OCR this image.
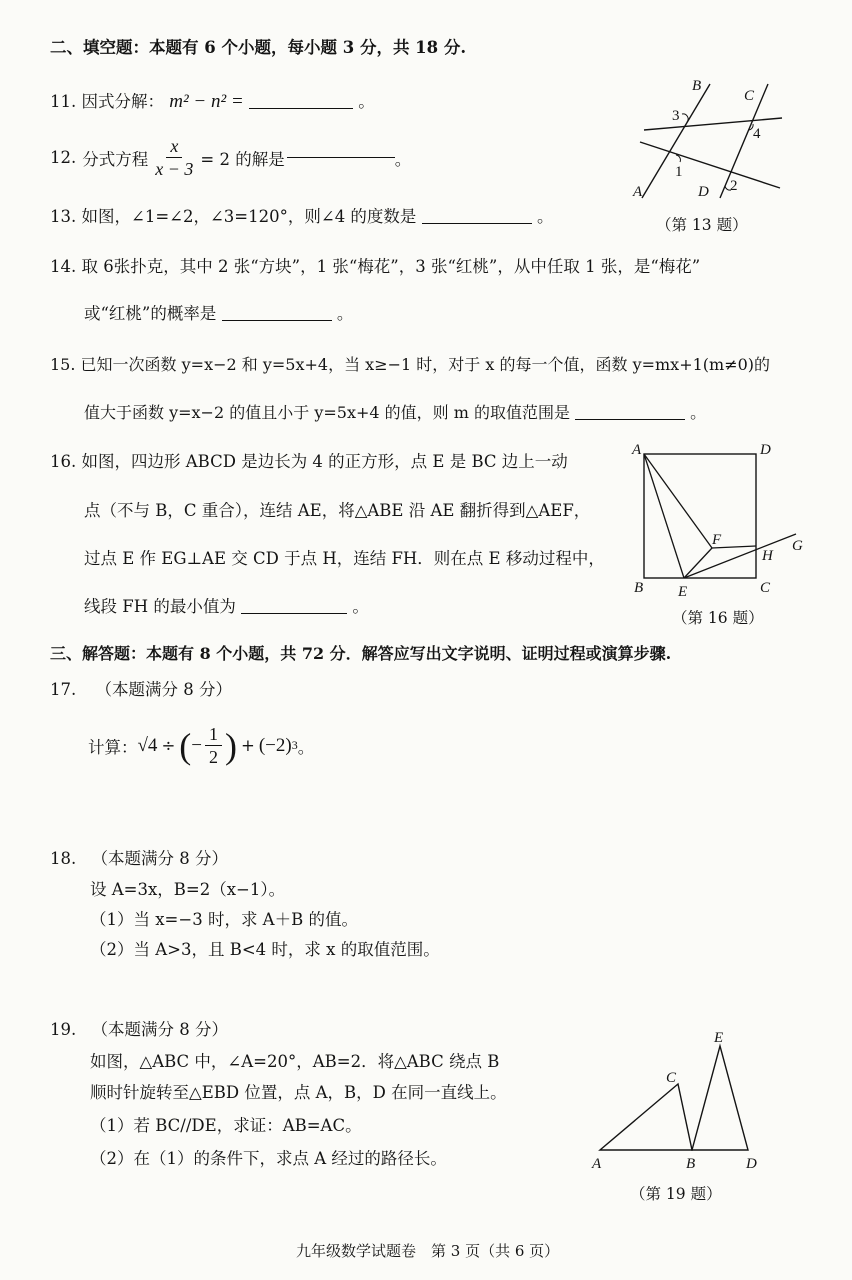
二、填空题：本题有 6 个小题，每小题 3 分，共 18 分.
11. 因式分解： m² − n² =	。
12. 分式方程 $\frac{x}{x - 3} = 2$ 的解是	。
13. 如图，∠1=∠2，∠3=120°，则∠4 的度数是	。
B
C
A	D
3
4
1
2
（第 13 题）
14. 取 6张扑克，其中 2 张“方块”，1 张“梅花”，3 张“红桃”，从中任取 1 张，是“梅花”
或“红桃”的概率是	。
15. 已知一次函数 y=x−2 和 y=5x+4，当 x≥−1 时，对于 x 的每一个值，函数 y=mx+1(m≠0)的
值大于函数 y=x−2 的值且小于 y=5x+4 的值，则 m 的取值范围是	。
16. 如图，四边形 ABCD 是边长为 4 的正方形，点 E 是 BC 边上一动
点（不与 B，C 重合），连结 AE，将△ABE 沿 AE 翻折得到△AEF，
过点 E 作 EG⊥AE 交 CD 于点 H，连结 FH．则在点 E 移动过程中，
线段 FH 的最小值为	。
A	D
B	C
E
F
H
G
（第 16 题）
三、解答题：本题有 8 个小题，共 72 分．解答应写出文字说明、证明过程或演算步骤.
17. （本题满分 8 分）
计算： √4 ÷ ( − $\frac{1}{2}$ ) + (−2) 3 。
18. （本题满分 8 分）
设 A=3x，B=2（x−1）。
（1）当 x=−3 时，求 A＋B 的值。
（2）当 A>3，且 B<4 时，求 x 的取值范围。
19. （本题满分 8 分）
如图，△ABC 中，∠A=20°，AB=2．将△ABC 绕点 B
顺时针旋转至△EBD 位置，点 A，B，D 在同一直线上。
（1）若 BC//DE，求证：AB=AC。
（2）在（1）的条件下，求点 A 经过的路径长。	A	B	D
C
E
（第 19 题）
九年级数学试题卷　第 3 页（共 6 页）
